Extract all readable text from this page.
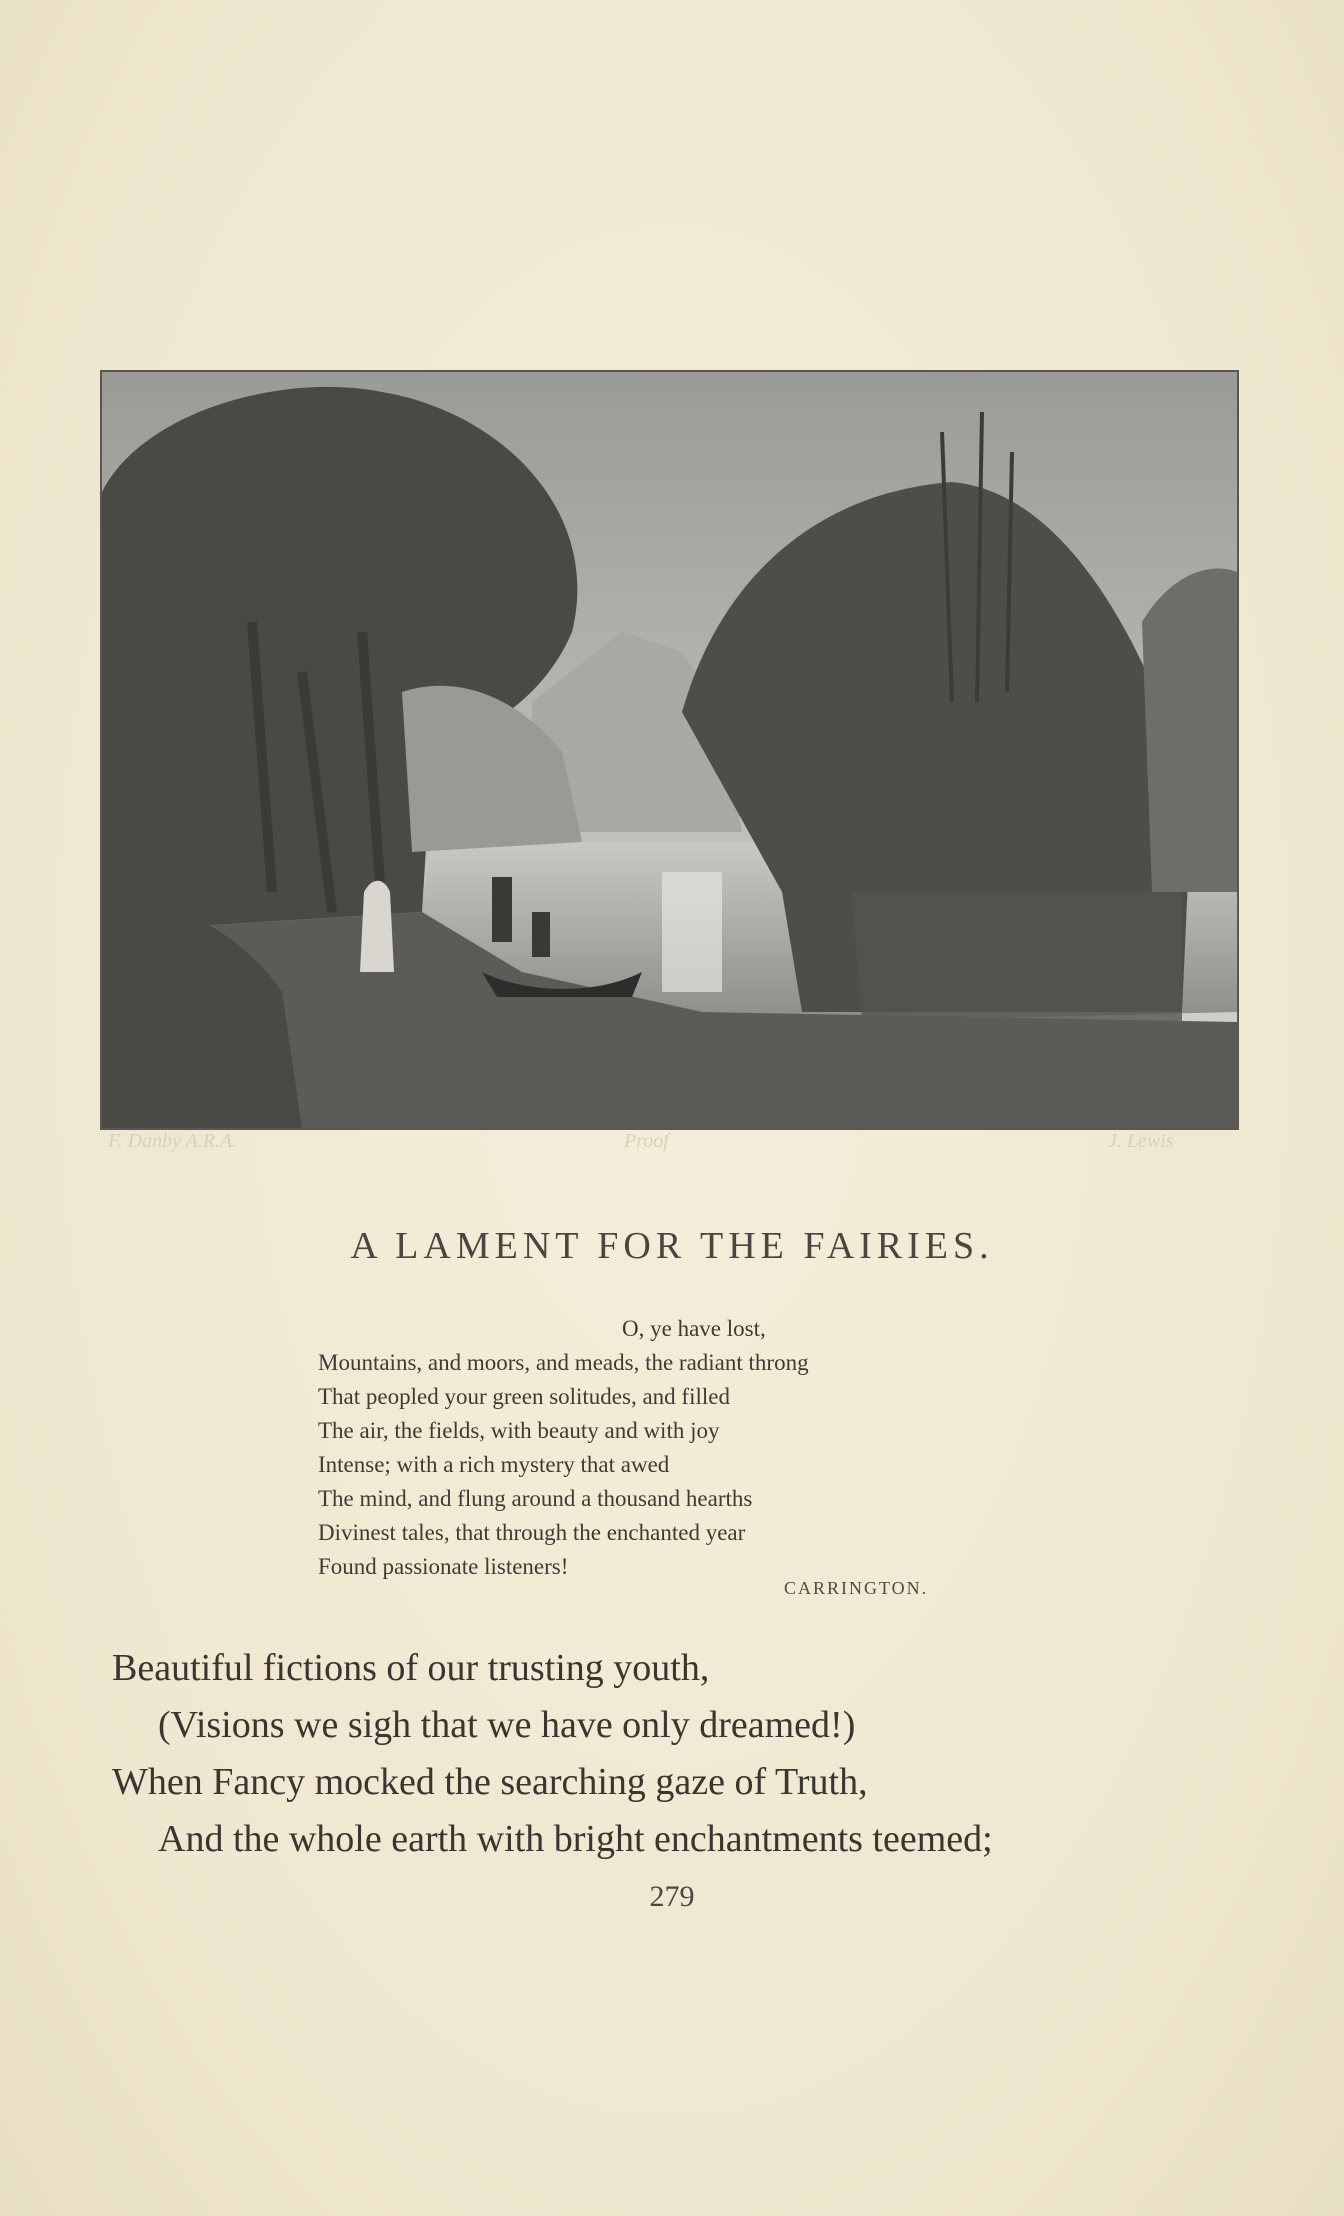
F. Danby A.R.A.	Proof	J. Lewis
A LAMENT FOR THE FAIRIES.
O, ye have lost,
Mountains, and moors, and meads, the radiant throng
That peopled your green solitudes, and filled
The air, the fields, with beauty and with joy
Intense; with a rich mystery that awed
The mind, and flung around a thousand hearths
Divinest tales, that through the enchanted year
Found passionate listeners!
CARRINGTON.
Beautiful fictions of our trusting youth,
(Visions we sigh that we have only dreamed!)
When Fancy mocked the searching gaze of Truth,
And the whole earth with bright enchantments teemed;
279
